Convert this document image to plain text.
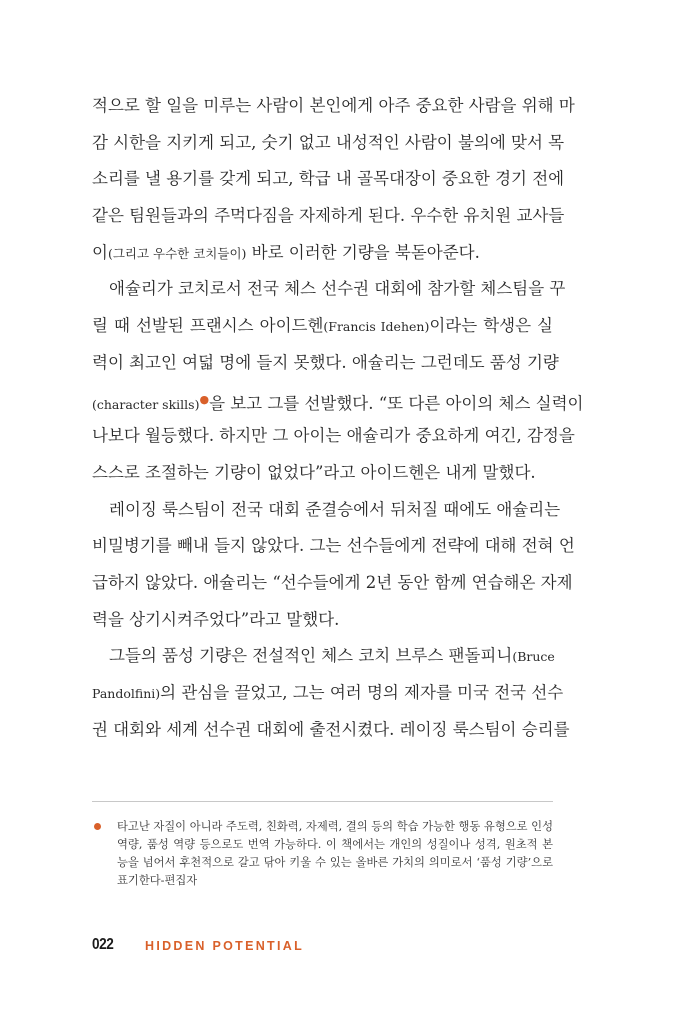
적으로 할 일을 미루는 사람이 본인에게 아주 중요한 사람을 위해 마
감 시한을 지키게 되고, 숫기 없고 내성적인 사람이 불의에 맞서 목
소리를 낼 용기를 갖게 되고, 학급 내 골목대장이 중요한 경기 전에
같은 팀원들과의 주먹다짐을 자제하게 된다. 우수한 유치원 교사들
이(그리고 우수한 코치들이) 바로 이러한 기량을 북돋아준다.
애슐리가 코치로서 전국 체스 선수권 대회에 참가할 체스팀을 꾸
릴 때 선발된 프랜시스 아이드헨(Francis Idehen)이라는 학생은 실
력이 최고인 여덟 명에 들지 못했다. 애슐리는 그런데도 품성 기량
(character skills)●을 보고 그를 선발했다. “또 다른 아이의 체스 실력이
나보다 월등했다. 하지만 그 아이는 애슐리가 중요하게 여긴, 감정을
스스로 조절하는 기량이 없었다”라고 아이드헨은 내게 말했다.
레이징 룩스팀이 전국 대회 준결승에서 뒤처질 때에도 애슐리는
비밀병기를 빼내 들지 않았다. 그는 선수들에게 전략에 대해 전혀 언
급하지 않았다. 애슐리는 “선수들에게 2년 동안 함께 연습해온 자제
력을 상기시켜주었다”라고 말했다.
그들의 품성 기량은 전설적인 체스 코치 브루스 팬돌피니(Bruce
Pandolfini)의 관심을 끌었고, 그는 여러 명의 제자를 미국 전국 선수
권 대회와 세계 선수권 대회에 출전시켰다. 레이징 룩스팀이 승리를
타고난 자질이 아니라 주도력, 친화력, 자제력, 결의 등의 학습 가능한 행동 유형으로 인성
역량, 품성 역량 등으로도 번역 가능하다. 이 책에서는 개인의 성질이나 성격, 원초적 본
능을 넘어서 후천적으로 갈고 닦아 키울 수 있는 올바른 가치의 의미로서 ‘품성 기량’으로
표기한다-편집자
022	HIDDEN POTENTIAL
